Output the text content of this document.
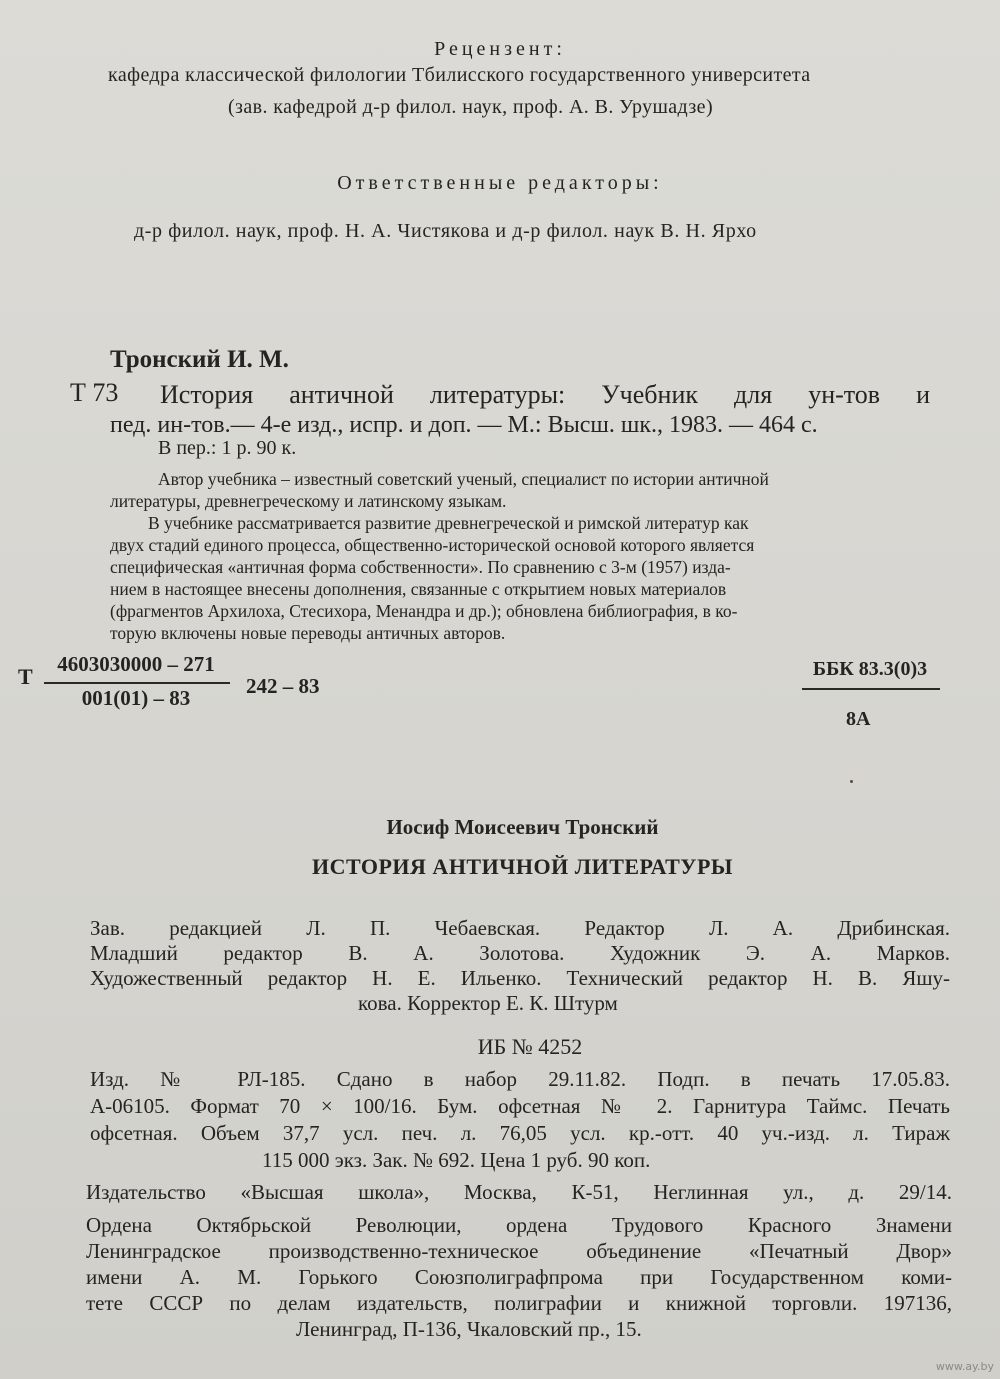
Рецензент:
кафедра классической филологии Тбилисского государственного университета
(зав. кафедрой д-р филол. наук, проф. А. В. Урушадзе)
Ответственные редакторы:
д-р филол. наук, проф. Н. А. Чистякова и д-р филол. наук В. Н. Ярхо
Тронский И. М.
Т 73 История античной литературы: Учебник для ун-тов и
пед. ин-тов.— 4-е изд., испр. и доп. — М.: Высш. шк., 1983. — 464 с.
В пер.: 1 р. 90 к.
Автор учебника – известный советский ученый, специалист по истории античной
литературы, древнегреческому и латинскому языкам.
В учебнике рассматривается развитие древнегреческой и римской литератур как
двух стадий единого процесса, общественно-исторической основой которого является
специфическая «античная форма собственности». По сравнению с 3-м (1957) изда-
нием в настоящее внесены дополнения, связанные с открытием новых материалов
(фрагментов Архилоха, Стесихора, Менандра и др.); обновлена библиография, в ко-
торую включены новые переводы античных авторов.
Т	4603030000 – 271
001(01) – 83	242 – 83
ББК 83.3(0)3
8А
Иосиф Моисеевич Тронский
ИСТОРИЯ АНТИЧНОЙ ЛИТЕРАТУРЫ
Зав. редакцией Л. П. Чебаевская. Редактор Л. А. Дрибинская.
Младший редактор В. А. Золотова. Художник Э. А. Марков.
Художественный редактор Н. Е. Ильенко. Технический редактор Н. В. Яшу-
кова. Корректор Е. К. Штурм
ИБ № 4252
Изд. № РЛ-185. Сдано в набор 29.11.82. Подп. в печать 17.05.83.
А-06105. Формат 70 × 100/16. Бум. офсетная № 2. Гарнитура Таймс. Печать
офсетная. Объем 37,7 усл. печ. л. 76,05 усл. кр.-отт. 40 уч.-изд. л. Тираж
115 000 экз. Зак. № 692. Цена 1 руб. 90 коп.
Издательство «Высшая школа», Москва, К-51, Неглинная ул., д. 29/14.
Ордена Октябрьской Революции, ордена Трудового Красного Знамени
Ленинградское производственно-техническое объединение «Печатный Двор»
имени А. М. Горького Союзполиграфпрома при Государственном коми-
тете СССР по делам издательств, полиграфии и книжной торговли. 197136,
Ленинград, П-136, Чкаловский пр., 15.
www.ay.by
